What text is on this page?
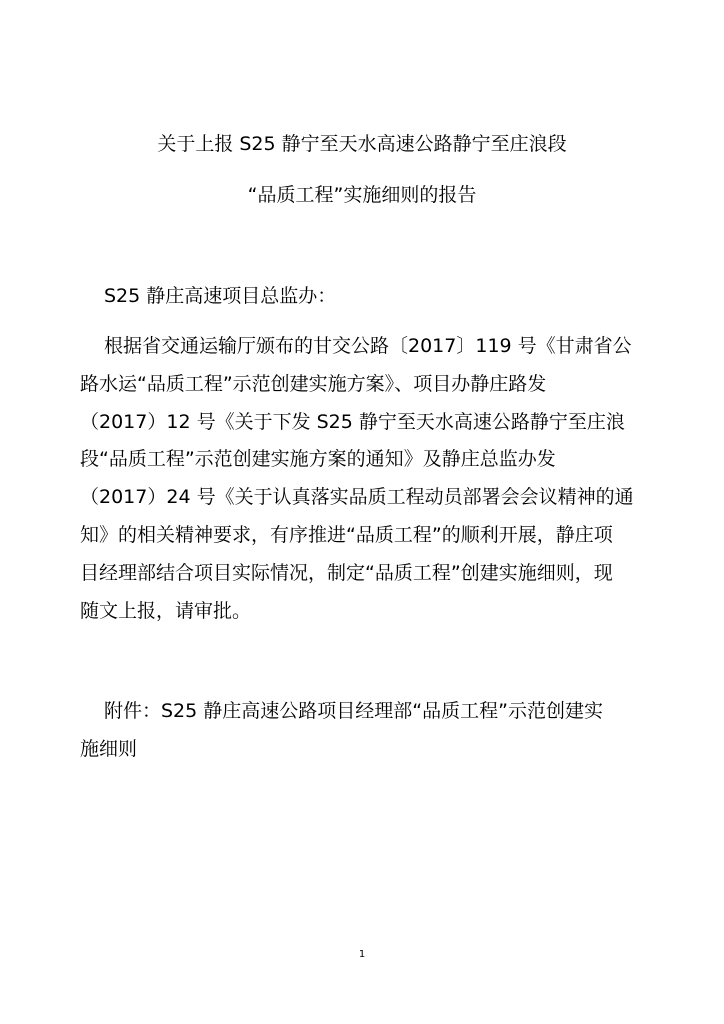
关于上报 S25 静宁至天水高速公路静宁至庄浪段
“品质工程”实施细则的报告
S25 静庄高速项目总监办：
根据省交通运输厅颁布的甘交公路〔2017〕119 号《甘肃省公
路水运“品质工程”示范创建实施方案》、项目办静庄路发
（2017）12 号《关于下发 S25 静宁至天水高速公路静宁至庄浪
段“品质工程”示范创建实施方案的通知》及静庄总监办发
（2017）24 号《关于认真落实品质工程动员部署会会议精神的通
知》的相关精神要求，有序推进“品质工程”的顺利开展，静庄项
目经理部结合项目实际情况，制定“品质工程”创建实施细则，现
随文上报，请审批。
附件：S25 静庄高速公路项目经理部“品质工程”示范创建实
施细则
1
